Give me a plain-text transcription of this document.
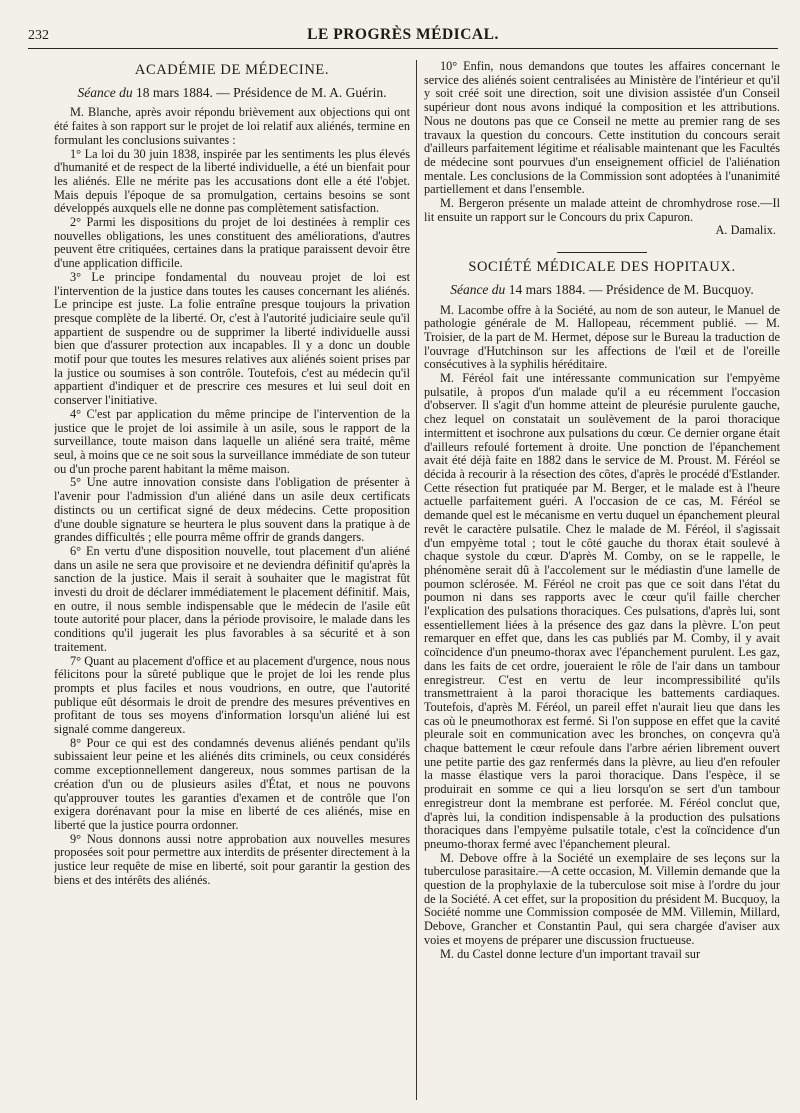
232	LE PROGRÈS MÉDICAL.
ACADÉMIE DE MÉDECINE.
Séance du 18 mars 1884. — Présidence de M. A. Guérin.

M. Blanche, après avoir répondu brièvement aux objections qui ont été faites à son rapport sur le projet de loi relatif aux aliénés, termine en formulant les conclusions suivantes :

1° La loi du 30 juin 1838, inspirée par les sentiments les plus élevés d'humanité et de respect de la liberté individuelle, a été un bienfait pour les aliénés. Elle ne mérite pas les accusations dont elle a été l'objet. Mais depuis l'époque de sa promulgation, certains besoins se sont développés auxquels elle ne donne pas complètement satisfaction.

2° Parmi les dispositions du projet de loi destinées à remplir ces nouvelles obligations, les unes constituent des améliorations, d'autres peuvent être critiquées, certaines dans la pratique paraissent devoir être d'une application difficile.

3° Le principe fondamental du nouveau projet de loi est l'intervention de la justice dans toutes les causes concernant les aliénés. Le principe est juste. La folie entraîne presque toujours la privation presque complète de la liberté. Or, c'est à l'autorité judiciaire seule qu'il appartient de suspendre ou de supprimer la liberté individuelle aussi bien que d'assurer protection aux incapables. Il y a donc un double motif pour que toutes les mesures relatives aux aliénés soient prises par la justice ou soumises à son contrôle. Toutefois, c'est au médecin qu'il appartient d'indiquer et de prescrire ces mesures et lui seul doit en conserver l'initiative.

4° C'est par application du même principe de l'intervention de la justice que le projet de loi assimile à un asile, sous le rapport de la surveillance, toute maison dans laquelle un aliéné sera traité, même seul, à moins que ce ne soit sous la surveillance immédiate de son tuteur ou d'un proche parent habitant la même maison.

5° Une autre innovation consiste dans l'obligation de présenter à l'avenir pour l'admission d'un aliéné dans un asile deux certificats distincts ou un certificat signé de deux médecins. Cette proposition d'une double signature se heurtera le plus souvent dans la pratique à de grandes difficultés ; elle pourra même offrir de grands dangers.

6° En vertu d'une disposition nouvelle, tout placement d'un aliéné dans un asile ne sera que provisoire et ne deviendra définitif qu'après la sanction de la justice. Mais il serait à souhaiter que le magistrat fût investi du droit de déclarer immédiatement le placement définitif. Mais, en outre, il nous semble indispensable que le médecin de l'asile eût toute autorité pour placer, dans la période provisoire, le malade dans les conditions qu'il jugerait les plus favorables à sa sécurité et à son traitement.

7° Quant au placement d'office et au placement d'urgence, nous nous félicitons pour la sûreté publique que le projet de loi les rende plus prompts et plus faciles et nous voudrions, en outre, que l'autorité publique eût désormais le droit de prendre des mesures préventives en profitant de tous ses moyens d'information lorsqu'un aliéné lui est signalé comme dangereux.

8° Pour ce qui est des condamnés devenus aliénés pendant qu'ils subissaient leur peine et les aliénés dits criminels, ou ceux considérés comme exceptionnellement dangereux, nous sommes partisan de la création d'un ou de plusieurs asiles d'État, et nous ne pouvons qu'approuver toutes les garanties d'examen et de contrôle que l'on exigera dorénavant pour la mise en liberté de ces aliénés, mise en liberté que la justice pourra ordonner.

9° Nous donnons aussi notre approbation aux nouvelles mesures proposées soit pour permettre aux interdits de présenter directement à la justice leur requête de mise en liberté, soit pour garantir la gestion des biens et des intérêts des aliénés.

10° Enfin, nous demandons que toutes les affaires concernant le service des aliénés soient centralisées au Ministère de l'intérieur et qu'il y soit créé soit une direction, soit une division assistée d'un Conseil supérieur dont nous avons indiqué la composition et les attributions. Nous ne doutons pas que ce Conseil ne mette au premier rang de ses travaux la question du concours. Cette institution du concours serait d'ailleurs parfaitement légitime et réalisable maintenant que les Facultés de médecine sont pourvues d'un enseignement officiel de l'aliénation mentale. Les conclusions de la Commission sont adoptées à l'unanimité partiellement et dans l'ensemble.

M. Bergeron présente un malade atteint de chromhydrose rose.—Il lit ensuite un rapport sur le Concours du prix Capuron.

A. Damalix.

SOCIÉTÉ MÉDICALE DES HOPITAUX.
Séance du 14 mars 1884. — Présidence de M. Bucquoy.

M. Lacombe offre à la Société, au nom de son auteur, le Manuel de pathologie générale de M. Hallopeau, récemment publié. — M. Troisier, de la part de M. Hermet, dépose sur le Bureau la traduction de l'ouvrage d'Hutchinson sur les affections de l'œil et de l'oreille consécutives à la syphilis héréditaire.

M. Féréol fait une intéressante communication sur l'empyème pulsatile, à propos d'un malade qu'il a eu récemment l'occasion d'observer. Il s'agit d'un homme atteint de pleurésie purulente gauche, chez lequel on constatait un soulèvement de la paroi thoracique intermittent et isochrone aux pulsations du cœur. Ce dernier organe était d'ailleurs refoulé fortement à droite. Une ponction de l'épanchement avait été déjà faite en 1882 dans le service de M. Proust. M. Féréol se décida à recourir à la résection des côtes, d'après le procédé d'Estlander. Cette résection fut pratiquée par M. Berger, et le malade est à l'heure actuelle parfaitement guéri. A l'occasion de ce cas, M. Féréol se demande quel est le mécanisme en vertu duquel un épanchement pleural revêt le caractère pulsatile. Chez le malade de M. Féréol, il s'agissait d'un empyème total ; tout le côté gauche du thorax était soulevé à chaque systole du cœur. D'après M. Comby, on se le rappelle, le phénomène serait dû à l'accolement sur le médiastin d'une lamelle de poumon sclérosée. M. Féréol ne croit pas que ce soit dans l'état du poumon ni dans ses rapports avec le cœur qu'il faille chercher l'explication des pulsations thoraciques. Ces pulsations, d'après lui, sont essentiellement liées à la présence des gaz dans la plèvre. L'on peut remarquer en effet que, dans les cas publiés par M. Comby, il y avait coïncidence d'un pneumo-thorax avec l'épanchement purulent. Les gaz, dans les faits de cet ordre, joueraient le rôle de l'air dans un tambour enregistreur. C'est en vertu de leur incompressibilité qu'ils transmettraient à la paroi thoracique les battements cardiaques. Toutefois, d'après M. Féréol, un pareil effet n'aurait lieu que dans les cas où le pneumothorax est fermé. Si l'on suppose en effet que la cavité pleurale soit en communication avec les bronches, on conçevra qu'à chaque battement le cœur refoule dans l'arbre aérien librement ouvert une petite partie des gaz renfermés dans la plèvre, au lieu d'en refouler la masse élastique vers la paroi thoracique. Dans l'espèce, il se produirait en somme ce qui a lieu lorsqu'on se sert d'un tambour enregistreur dont la membrane est perforée. M. Féréol conclut que, d'après lui, la condition indispensable à la production des pulsations thoraciques dans l'empyème pulsatile totale, c'est la coïncidence d'un pneumo-thorax fermé avec l'épanchement pleural.

M. Debove offre à la Société un exemplaire de ses leçons sur la tuberculose parasitaire.—A cette occasion, M. Villemin demande que la question de la prophylaxie de la tuberculose soit mise à l'ordre du jour de la Société. A cet effet, sur la proposition du président M. Bucquoy, la Société nomme une Commission composée de MM. Villemin, Millard, Debove, Grancher et Constantin Paul, qui sera chargée d'aviser aux voies et moyens de préparer une discussion fructueuse.

M. du Castel donne lecture d'un important travail sur
